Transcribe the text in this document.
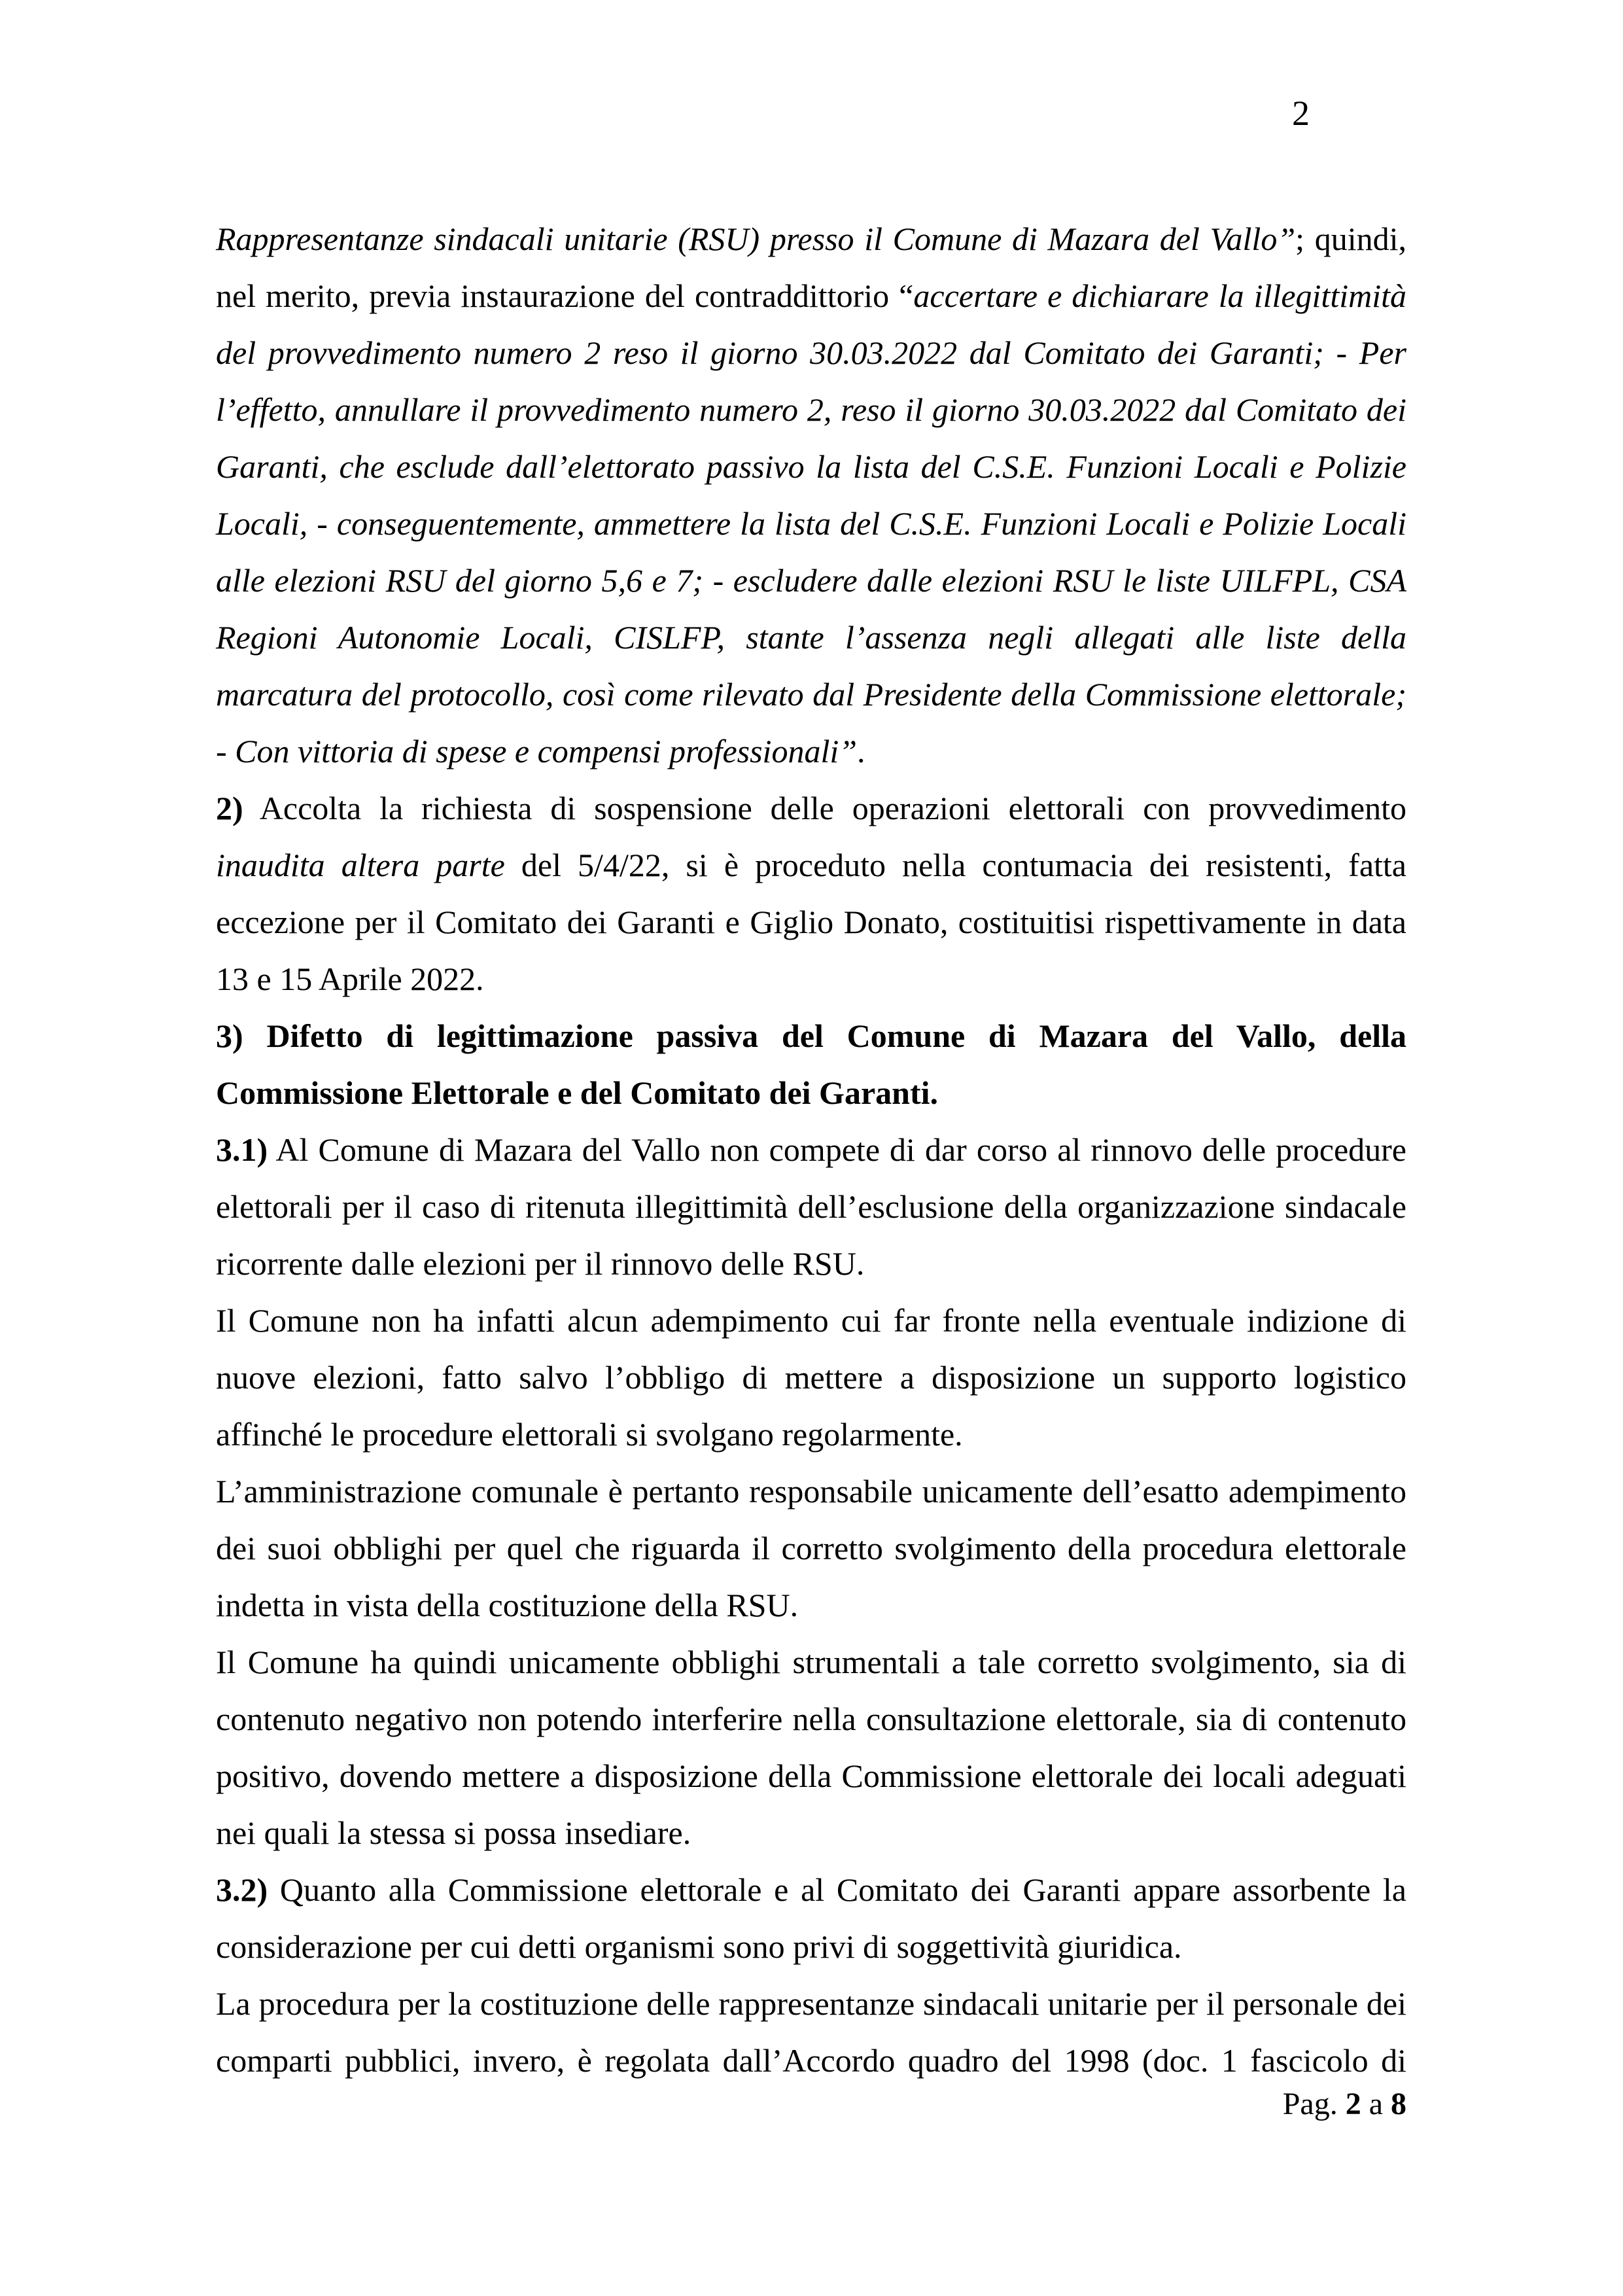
2
Rappresentanze sindacali unitarie (RSU) presso il Comune di Mazara del Vallo”; quindi,
nel merito, previa instaurazione del contraddittorio “accertare e dichiarare la illegittimità
del provvedimento numero 2 reso il giorno 30.03.2022 dal Comitato dei Garanti; - Per
l’effetto, annullare il provvedimento numero 2, reso il giorno 30.03.2022 dal Comitato dei
Garanti, che esclude dall’elettorato passivo la lista del C.S.E. Funzioni Locali e Polizie
Locali, - conseguentemente, ammettere la lista del C.S.E. Funzioni Locali e Polizie Locali
alle elezioni RSU del giorno 5,6 e 7; - escludere dalle elezioni RSU le liste UILFPL, CSA
Regioni Autonomie Locali, CISLFP, stante l’assenza negli allegati alle liste della
marcatura del protocollo, così come rilevato dal Presidente della Commissione elettorale;
- Con vittoria di spese e compensi professionali”.
2) Accolta la richiesta di sospensione delle operazioni elettorali con provvedimento
inaudita altera parte del 5/4/22, si è proceduto nella contumacia dei resistenti, fatta
eccezione per il Comitato dei Garanti e Giglio Donato, costituitisi rispettivamente in data
13 e 15 Aprile 2022.
3) Difetto di legittimazione passiva del Comune di Mazara del Vallo, della
Commissione Elettorale e del Comitato dei Garanti.
3.1) Al Comune di Mazara del Vallo non compete di dar corso al rinnovo delle procedure
elettorali per il caso di ritenuta illegittimità dell’esclusione della organizzazione sindacale
ricorrente dalle elezioni per il rinnovo delle RSU.
Il Comune non ha infatti alcun adempimento cui far fronte nella eventuale indizione di
nuove elezioni, fatto salvo l’obbligo di mettere a disposizione un supporto logistico
affinché le procedure elettorali si svolgano regolarmente.
L’amministrazione comunale è pertanto responsabile unicamente dell’esatto adempimento
dei suoi obblighi per quel che riguarda il corretto svolgimento della procedura elettorale
indetta in vista della costituzione della RSU.
Il Comune ha quindi unicamente obblighi strumentali a tale corretto svolgimento, sia di
contenuto negativo non potendo interferire nella consultazione elettorale, sia di contenuto
positivo, dovendo mettere a disposizione della Commissione elettorale dei locali adeguati
nei quali la stessa si possa insediare.
3.2) Quanto alla Commissione elettorale e al Comitato dei Garanti appare assorbente la
considerazione per cui detti organismi sono privi di soggettività giuridica.
La procedura per la costituzione delle rappresentanze sindacali unitarie per il personale dei
comparti pubblici, invero, è regolata dall’Accordo quadro del 1998 (doc. 1 fascicolo di
Pag. 2 a 8
